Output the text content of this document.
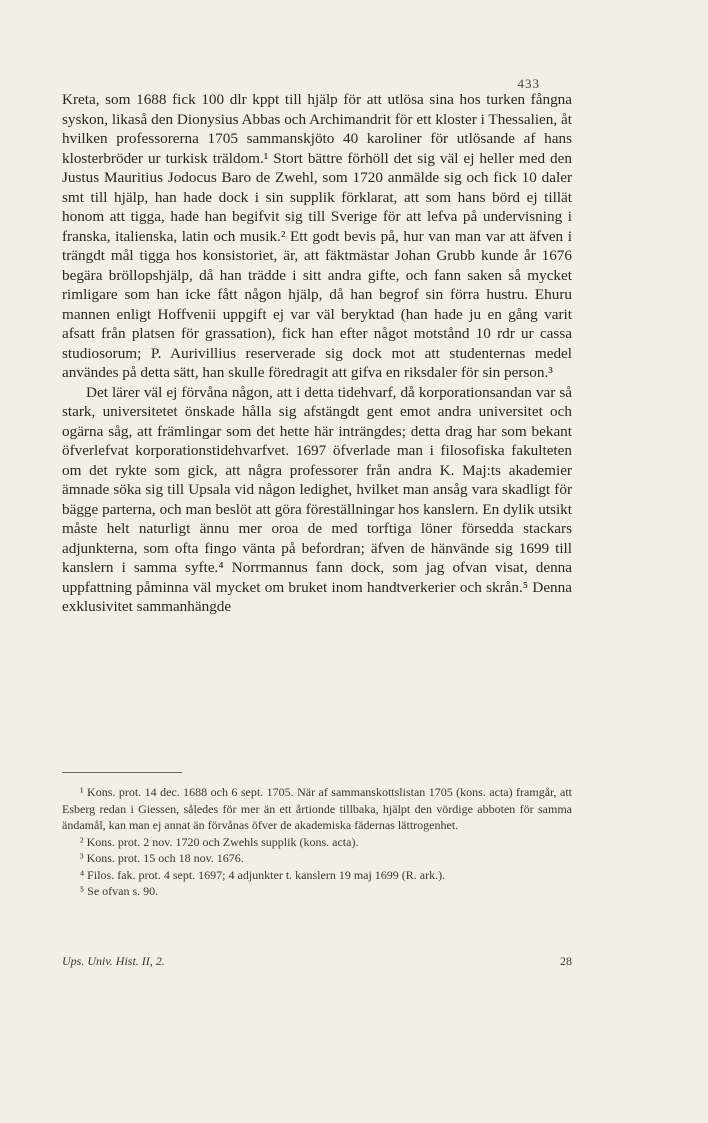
433

Kreta, som 1688 fick 100 dlr kppt till hjälp för att utlösa sina hos turken fångna syskon, likaså den Dionysius Abbas och Archimandrit för ett kloster i Thessalien, åt hvilken professorerna 1705 sammanskjöto 40 karoliner för utlösande af hans klosterbröder ur turkisk träldom.¹ Stort bättre förhöll det sig väl ej heller med den Justus Mauritius Jodocus Baro de Zwehl, som 1720 anmälde sig och fick 10 daler smt till hjälp, han hade dock i sin supplik förklarat, att som hans börd ej tillät honom att tigga, hade han begifvit sig till Sverige för att lefva på undervisning i franska, italienska, latin och musik.² Ett godt bevis på, hur van man var att äfven i trängdt mål tigga hos konsistoriet, är, att fäktmästar Johan Grubb kunde år 1676 begära bröllopshjälp, då han trädde i sitt andra gifte, och fann saken så mycket rimligare som han icke fått någon hjälp, då han begrof sin förra hustru. Ehuru mannen enligt Hoffvenii uppgift ej var väl beryktad (han hade ju en gång varit afsatt från platsen för grassation), fick han efter något motstånd 10 rdr ur cassa studiosorum; P. Aurivillius reserverade sig dock mot att studenternas medel användes på detta sätt, han skulle föredragit att gifva en riksdaler för sin person.³

Det lärer väl ej förvåna någon, att i detta tidehvarf, då korporationsandan var så stark, universitetet önskade hålla sig afstängdt gent emot andra universitet och ogärna såg, att främlingar som det hette här inträngdes; detta drag har som bekant öfverlefvat korporationstidehvarfvet. 1697 öfverlade man i filosofiska fakulteten om det rykte som gick, att några professorer från andra K. Maj:ts akademier ämnade söka sig till Upsala vid någon ledighet, hvilket man ansåg vara skadligt för bägge parterna, och man beslöt att göra föreställningar hos kanslern. En dylik utsikt måste helt naturligt ännu mer oroa de med torftiga löner försedda stackars adjunkterna, som ofta fingo vänta på befordran; äfven de hänvände sig 1699 till kanslern i samma syfte.⁴ Norrmannus fann dock, som jag ofvan visat, denna uppfattning påminna väl mycket om bruket inom handtverkerier och skrån.⁵ Denna exklusivitet sammanhängde

¹ Kons. prot. 14 dec. 1688 och 6 sept. 1705. När af sammanskottslistan 1705 (kons. acta) framgår, att Esberg redan i Giessen, således för mer än ett årtionde tillbaka, hjälpt den vördige abboten för samma ändamål, kan man ej annat än förvånas öfver de akademiska fädernas lättrogenhet.

² Kons. prot. 2 nov. 1720 och Zwehls supplik (kons. acta).

³ Kons. prot. 15 och 18 nov. 1676.

⁴ Filos. fak. prot. 4 sept. 1697; 4 adjunkter t. kanslern 19 maj 1699 (R. ark.).

⁵ Se ofvan s. 90.

Ups. Univ. Hist. II, 2.	28
